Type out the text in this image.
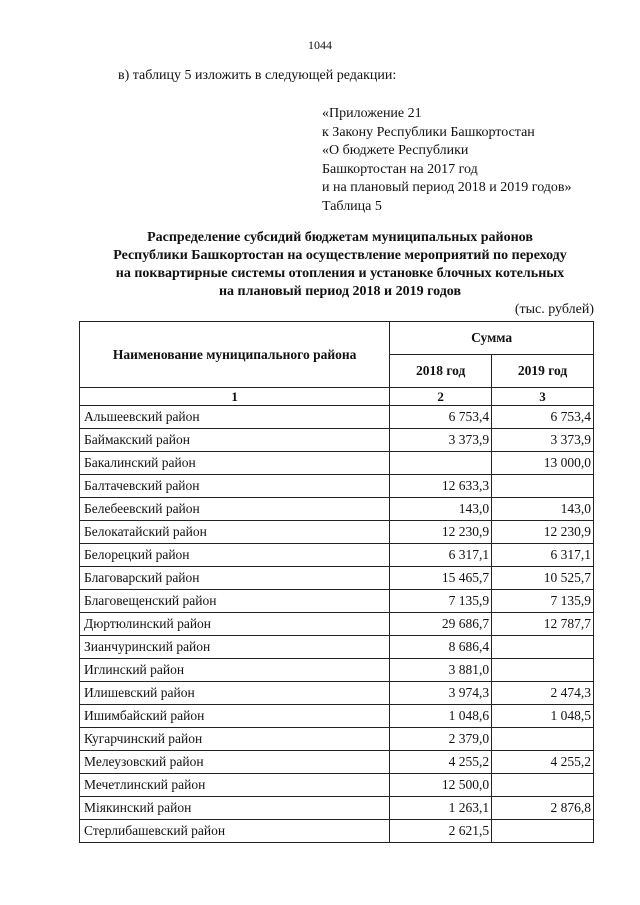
1044
в) таблицу 5 изложить в следующей редакции:
«Приложение 21
к Закону Республики Башкортостан
«О бюджете Республики
Башкортостан на 2017 год
и на плановый период 2018 и 2019 годов»
Таблица 5
Распределение субсидий бюджетам муниципальных районов
Республики Башкортостан на осуществление мероприятий по переходу
на поквартирные системы отопления и установке блочных котельных
на плановый период 2018 и 2019 годов
(тыс. рублей)
Наименование муниципального района	Сумма	
	2018 год	2019 год
1	2	3
Альшеевский район	6 753,4	6 753,4
Баймакский район	3 373,9	3 373,9
Бакалинский район		13 000,0
Балтачевский район	12 633,3	
Белебеевский район	143,0	143,0
Белокатайский район	12 230,9	12 230,9
Белорецкий район	6 317,1	6 317,1
Благоварский район	15 465,7	10 525,7
Благовещенский район	7 135,9	7 135,9
Дюртюлинский район	29 686,7	12 787,7
Зианчуринский район	8 686,4	
Иглинский район	3 881,0	
Илишевский район	3 974,3	2 474,3
Ишимбайский район	1 048,6	1 048,5
Кугарчинский район	2 379,0	
Мелеузовский район	4 255,2	4 255,2
Мечетлинский район	12 500,0	
Мiякинский район	1 263,1	2 876,8
Стерлибашевский район	2 621,5	
